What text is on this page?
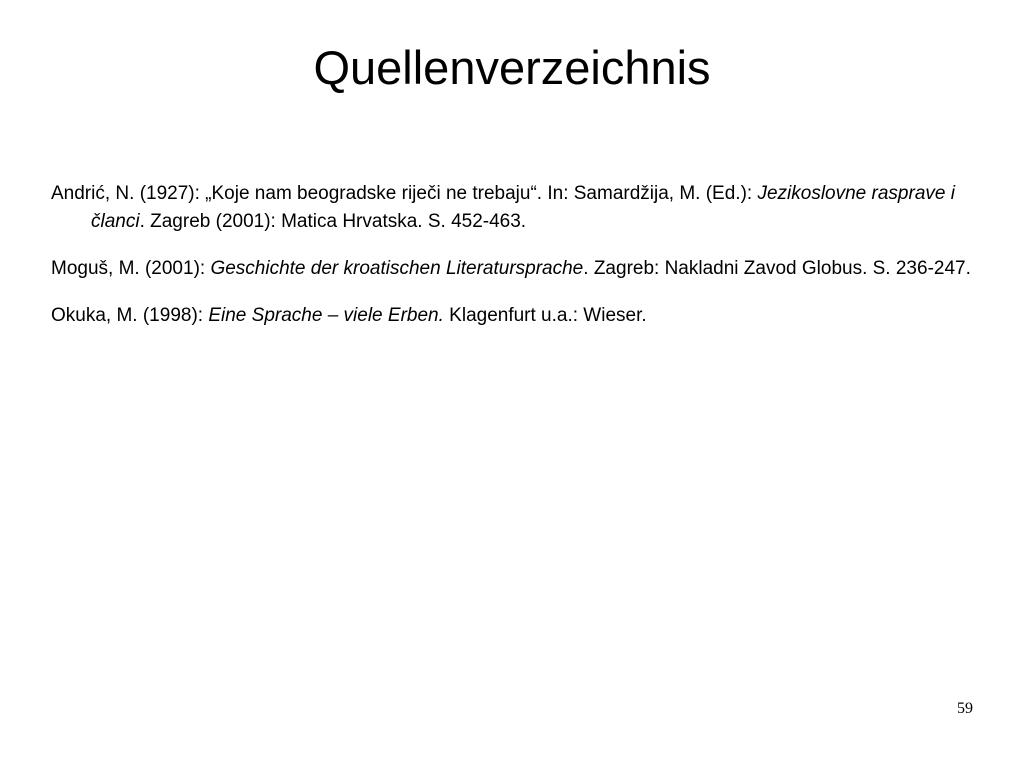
Quellenverzeichnis
Andrić, N. (1927): „Koje nam beogradske riječi ne trebaju“. In: Samardžija, M. (Ed.): Jezikoslovne rasprave i članci. Zagreb (2001): Matica Hrvatska. S. 452-463.
Moguš, M. (2001): Geschichte der kroatischen Literatursprache. Zagreb: Nakladni Zavod Globus. S. 236-247.
Okuka, M. (1998): Eine Sprache – viele Erben. Klagenfurt u.a.: Wieser.
59
